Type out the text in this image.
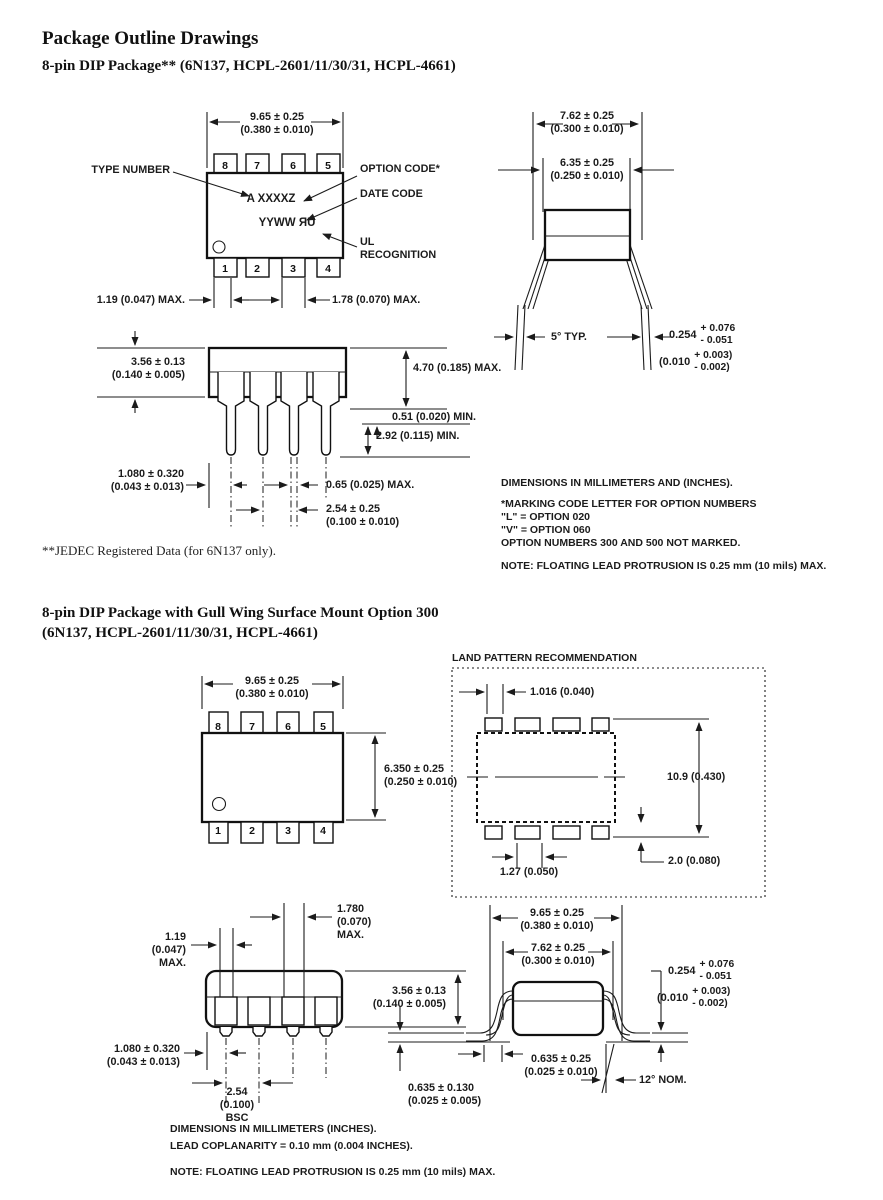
8 7	6	5
1 2	3	4
8	7	6	5
1	2	3	4
Package Outline Drawings
8-pin DIP Package** (6N137, HCPL-2601/11/30/31, HCPL-4661)
9.65 ± 0.25
(0.380 ± 0.010)
TYPE NUMBER	OPTION CODE*
DATE CODE
UL
RECOGNITION
A XXXXZ
YYWW ЯU
1.19 (0.047) MAX.	1.78 (0.070) MAX.
7.62 ± 0.25
(0.300 ± 0.010)
6.35 ± 0.25
(0.250 ± 0.010)
5° TYP.	0.254 + 0.076
- 0.051
(0.010 + 0.003)
- 0.002)
3.56 ± 0.13
(0.140 ± 0.005)
4.70 (0.185) MAX.
0.51 (0.020) MIN.
2.92 (0.115) MIN.
1.080 ± 0.320
(0.043 ± 0.013)	0.65 (0.025) MAX.
2.54 ± 0.25
(0.100 ± 0.010)
**JEDEC Registered Data (for 6N137 only).
DIMENSIONS IN MILLIMETERS AND (INCHES).
*MARKING CODE LETTER FOR OPTION NUMBERS
"L" = OPTION 020
"V" = OPTION 060
OPTION NUMBERS 300 AND 500 NOT MARKED.
NOTE: FLOATING LEAD PROTRUSION IS 0.25 mm (10 mils) MAX.
8-pin DIP Package with Gull Wing Surface Mount Option 300
(6N137, HCPL-2601/11/30/31, HCPL-4661)
LAND PATTERN RECOMMENDATION
1.016 (0.040)
10.9 (0.430)
2.0 (0.080)
1.27 (0.050)
9.65 ± 0.25
(0.380 ± 0.010)
6.350 ± 0.25
(0.250 ± 0.010)
1.19
(0.047)
MAX.
1.780
(0.070)
MAX.
3.56 ± 0.13
(0.140 ± 0.005)
1.080 ± 0.320
(0.043 ± 0.013)
2.54
(0.100)
BSC
9.65 ± 0.25
(0.380 ± 0.010)
7.62 ± 0.25
(0.300 ± 0.010)
0.254 + 0.076
- 0.051
(0.010 + 0.003)
- 0.002)
0.635 ± 0.25
(0.025 ± 0.010)
0.635 ± 0.130
(0.025 ± 0.005)
12° NOM.
DIMENSIONS IN MILLIMETERS (INCHES).
LEAD COPLANARITY = 0.10 mm (0.004 INCHES).
NOTE: FLOATING LEAD PROTRUSION IS 0.25 mm (10 mils) MAX.
